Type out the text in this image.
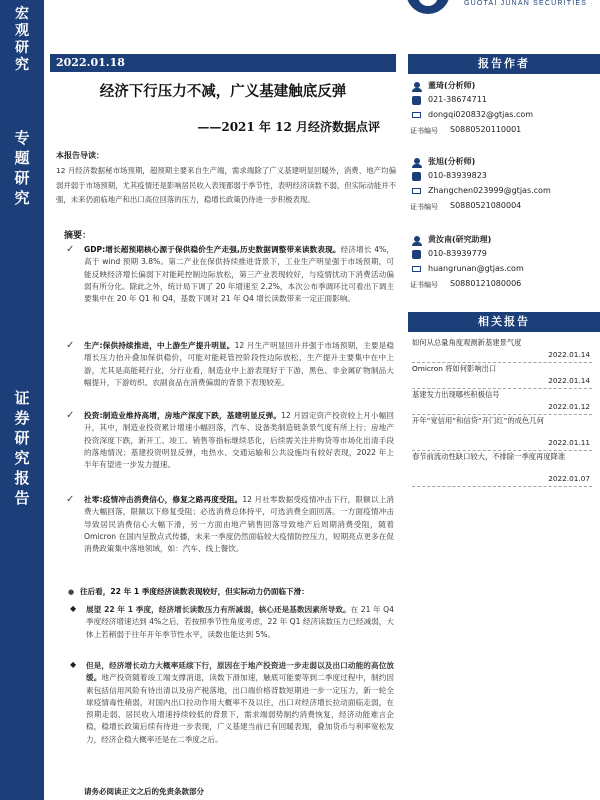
宏
观
研
究
专
题
研
究
证
券
研
究
报
告
GUOTAI JUNAN SECURITIES
2022.01.18
经济下行压力不减，广义基建触底反弹
——2021 年 12 月经济数据点评
本报告导读：
12 月经济数据秘市场预期，超预期主要来自生产端，需求端除了广义基建明显回暖外，消费、地产均偏弱并弱于市场预期，尤其疫情还是影响居民收入表现都弱于季节性，表明经济读数不弱，但实际动能并不强，未来仍面临地产和出口高位回落的压力，稳增长政策仍待进一步积极表现。
摘要：
✓ GDP:增长超预期核心源于保供稳价生产走强,历史数据调整带来读数表现。经济增长 4%，高于 wind 预期 3.8%。第二产业在保供持续推进背景下，工业生产明显强于市场预期，可能反映经济增长偏弱下对能耗控制边际放松，第三产业表现较好，与疫情扰动下消费活动偏弱有所分化。除此之外，统计局下调了 20 年增速至 2.2%，本次公布季调环比可看出下调主要集中在 20 年 Q1 和 Q4，基数下调对 21 年 Q4 增长读数带来一定正面影响。
✓ 生产:保供持续推进，中上游生产提升明显。12 月生产明显回升并强于市场预期，主要是稳增长压力抬升叠加保供稳价，可能对能耗管控阶段性边际放松，生产提升主要集中在中上游，尤其是高能耗行业，分行业看，制造业中上游表现好于下游，黑色、非金属矿物制品大幅提升，下游纺织、农副食品在消费偏弱的背景下表现较差。
✓ 投资:制造业维持高增，房地产深度下跌，基建明显反弹。12 月固定资产投资较上月小幅回升，其中，制造业投资累计增速小幅回落，汽车、设备类制造链条景气度有所上行；房地产投资深度下跌，新开工、竣工、销售等指标继续恶化，后续需关注并购贷等市场化出清手段的落地情况；基建投资明显反弹，电热水、交通运输和公共设施均有较好表现，2022 年上半年有望进一步发力提速。
✓ 社零:疫情冲击消费信心，修复之路再度受阻。12 月社零数据受疫情冲击下行，限额以上消费大幅回落，限额以下修复受阻；必选消费总体持平，可选消费全面回落。一方面疫情冲击导致居民消费信心大幅下滑，另一方面由地产销售回落导致地产后周期消费受阻，随着 Omicron 在国内呈散点式传播，未来一季度仍然面临较大疫情防控压力，短期亮点更多在促消费政策集中落地领域，如：汽车、线上餐饮。
● 往后看，22 年 1 季度经济读数表现较好，但实际动力仍面临下滑：
◆ 展望 22 年 1 季度，经济增长读数压力有所减弱，核心还是基数因素所导致。在 21 年 Q4 季度经济增速达到 4%之后，若按照季节性角度考虑，22 年 Q1 经济读数压力已经减弱，大体上若稍弱于往年开年季节性水平，读数也能达到 5%。
◆ 但是，经济增长动力大概率延续下行，原因在于地产投资进一步走弱以及出口动能的高位放缓。地产投资随着竣工端支撑消退，读数下滑加速，触底可能要等到二季度过程中，制约因素包括信用风险有待出清以及房产税落地，出口端价格背数短期进一步一定压力，新一轮全球疫情毒性稍弱，对国内出口拉动作用大概率不及以往，出口对经济增长拉动面临走弱，在预期走弱、居民收入增速持续较低的背景下，需求端弱势制约消费恢复，经济动能难言企稳，稳增长政策后续有待进一步表现，广义基建当前已有回暖表现，叠加货币与利率宽松发力，经济企稳大概率还是在二季度之后。
请务必阅读正文之后的免责条款部分
报告作者
董琦(分析师)
021-38674711
dongqi020832@gtjas.com
证书编号 S0880520110001
张旭(分析师)
010-83939823
Zhangchen023999@gtjas.com
证书编号 S0880521080004
黄汝南(研究助理)
010-83939779
huangrunan@gtjas.com
证书编号 S0880121080006
相关报告
如何从总量角度观测新基建景气度
2022.01.14
Omicron 将如何影响出口
2022.01.14
基建发力出现哪些积极信号
2022.01.12
开年“宽信用”和信贷“开门红”的成色几何
2022.01.11
春节前流动性缺口较大，不排除一季度再度降准
2022.01.07
